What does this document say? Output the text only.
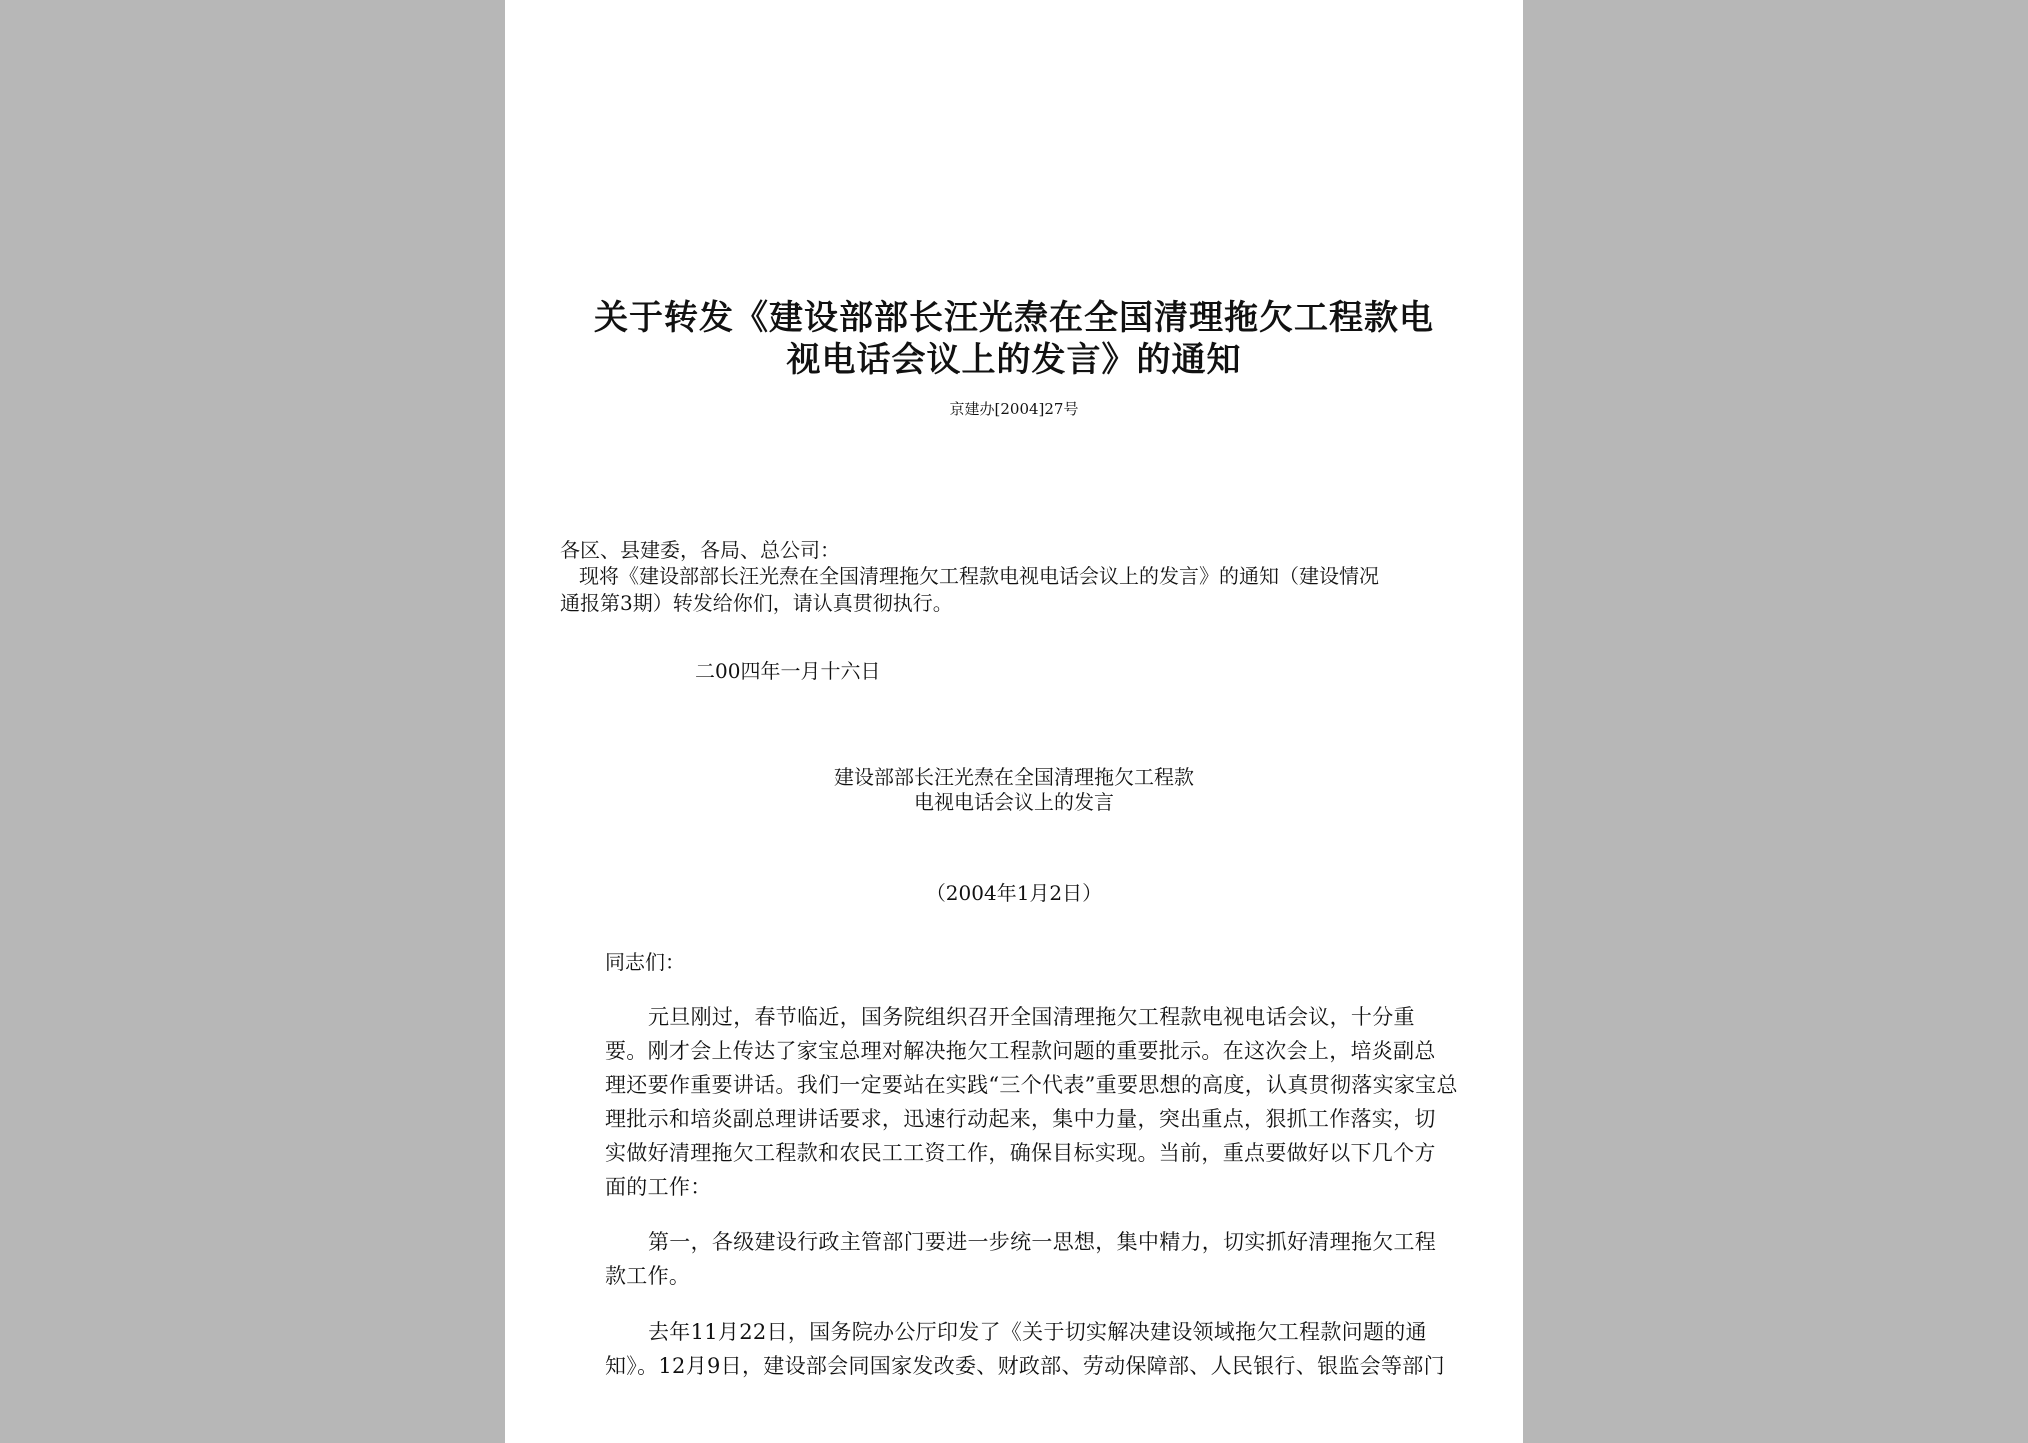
关于转发《建设部部长汪光焘在全国清理拖欠工程款电
视电话会议上的发言》的通知
京建办[2004]27号
各区、县建委，各局、总公司：
现将《建设部部长汪光焘在全国清理拖欠工程款电视电话会议上的发言》的通知（建设情况
通报第3期）转发给你们，请认真贯彻执行。
二00四年一月十六日
建设部部长汪光焘在全国清理拖欠工程款
电视电话会议上的发言
（2004年1月2日）
同志们：
元旦刚过，春节临近，国务院组织召开全国清理拖欠工程款电视电话会议，十分重
要。刚才会上传达了家宝总理对解决拖欠工程款问题的重要批示。在这次会上，培炎副总
理还要作重要讲话。我们一定要站在实践“三个代表”重要思想的高度，认真贯彻落实家宝总
理批示和培炎副总理讲话要求，迅速行动起来，集中力量，突出重点，狠抓工作落实，切
实做好清理拖欠工程款和农民工工资工作，确保目标实现。当前，重点要做好以下几个方
面的工作：
第一，各级建设行政主管部门要进一步统一思想，集中精力，切实抓好清理拖欠工程
款工作。
去年11月22日，国务院办公厅印发了《关于切实解决建设领域拖欠工程款问题的通
知》。12月9日，建设部会同国家发改委、财政部、劳动保障部、人民银行、银监会等部门
